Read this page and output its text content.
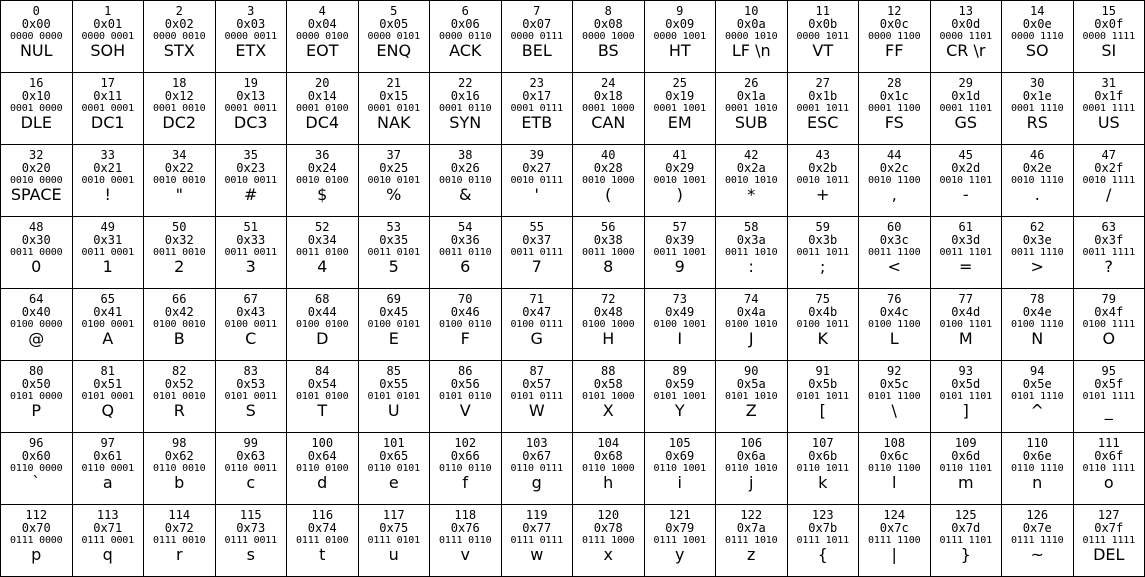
0
0x00
0000 0000
NUL
1
0x01
0000 0001
SOH
2
0x02
0000 0010
STX
3
0x03
0000 0011
ETX
4
0x04
0000 0100
EOT
5
0x05
0000 0101
ENQ
6
0x06
0000 0110
ACK
7
0x07
0000 0111
BEL
8
0x08
0000 1000
BS
9
0x09
0000 1001
HT
10
0x0a
0000 1010
LF \n
11
0x0b
0000 1011
VT
12
0x0c
0000 1100
FF
13
0x0d
0000 1101
CR \r
14
0x0e
0000 1110
SO
15
0x0f
0000 1111
SI
16
0x10
0001 0000
DLE
17
0x11
0001 0001
DC1
18
0x12
0001 0010
DC2
19
0x13
0001 0011
DC3
20
0x14
0001 0100
DC4
21
0x15
0001 0101
NAK
22
0x16
0001 0110
SYN
23
0x17
0001 0111
ETB
24
0x18
0001 1000
CAN
25
0x19
0001 1001
EM
26
0x1a
0001 1010
SUB
27
0x1b
0001 1011
ESC
28
0x1c
0001 1100
FS
29
0x1d
0001 1101
GS
30
0x1e
0001 1110
RS
31
0x1f
0001 1111
US
32
0x20
0010 0000
SPACE
33
0x21
0010 0001
!
34
0x22
0010 0010
"
35
0x23
0010 0011
#
36
0x24
0010 0100
$
37
0x25
0010 0101
%
38
0x26
0010 0110
&
39
0x27
0010 0111
'
40
0x28
0010 1000
(
41
0x29
0010 1001
)
42
0x2a
0010 1010
*
43
0x2b
0010 1011
+
44
0x2c
0010 1100
,
45
0x2d
0010 1101
-
46
0x2e
0010 1110
.
47
0x2f
0010 1111
/
48
0x30
0011 0000
0
49
0x31
0011 0001
1
50
0x32
0011 0010
2
51
0x33
0011 0011
3
52
0x34
0011 0100
4
53
0x35
0011 0101
5
54
0x36
0011 0110
6
55
0x37
0011 0111
7
56
0x38
0011 1000
8
57
0x39
0011 1001
9
58
0x3a
0011 1010
:
59
0x3b
0011 1011
;
60
0x3c
0011 1100
<
61
0x3d
0011 1101
=
62
0x3e
0011 1110
>
63
0x3f
0011 1111
?
64
0x40
0100 0000
@
65
0x41
0100 0001
A
66
0x42
0100 0010
B
67
0x43
0100 0011
C
68
0x44
0100 0100
D
69
0x45
0100 0101
E
70
0x46
0100 0110
F
71
0x47
0100 0111
G
72
0x48
0100 1000
H
73
0x49
0100 1001
I
74
0x4a
0100 1010
J
75
0x4b
0100 1011
K
76
0x4c
0100 1100
L
77
0x4d
0100 1101
M
78
0x4e
0100 1110
N
79
0x4f
0100 1111
O
80
0x50
0101 0000
P
81
0x51
0101 0001
Q
82
0x52
0101 0010
R
83
0x53
0101 0011
S
84
0x54
0101 0100
T
85
0x55
0101 0101
U
86
0x56
0101 0110
V
87
0x57
0101 0111
W
88
0x58
0101 1000
X
89
0x59
0101 1001
Y
90
0x5a
0101 1010
Z
91
0x5b
0101 1011
[
92
0x5c
0101 1100
\
93
0x5d
0101 1101
]
94
0x5e
0101 1110
^
95
0x5f
0101 1111
_
96
0x60
0110 0000
`
97
0x61
0110 0001
a
98
0x62
0110 0010
b
99
0x63
0110 0011
c
100
0x64
0110 0100
d
101
0x65
0110 0101
e
102
0x66
0110 0110
f
103
0x67
0110 0111
g
104
0x68
0110 1000
h
105
0x69
0110 1001
i
106
0x6a
0110 1010
j
107
0x6b
0110 1011
k
108
0x6c
0110 1100
l
109
0x6d
0110 1101
m
110
0x6e
0110 1110
n
111
0x6f
0110 1111
o
112
0x70
0111 0000
p
113
0x71
0111 0001
q
114
0x72
0111 0010
r
115
0x73
0111 0011
s
116
0x74
0111 0100
t
117
0x75
0111 0101
u
118
0x76
0111 0110
v
119
0x77
0111 0111
w
120
0x78
0111 1000
x
121
0x79
0111 1001
y
122
0x7a
0111 1010
z
123
0x7b
0111 1011
{
124
0x7c
0111 1100
|
125
0x7d
0111 1101
}
126
0x7e
0111 1110
~
127
0x7f
0111 1111
DEL
